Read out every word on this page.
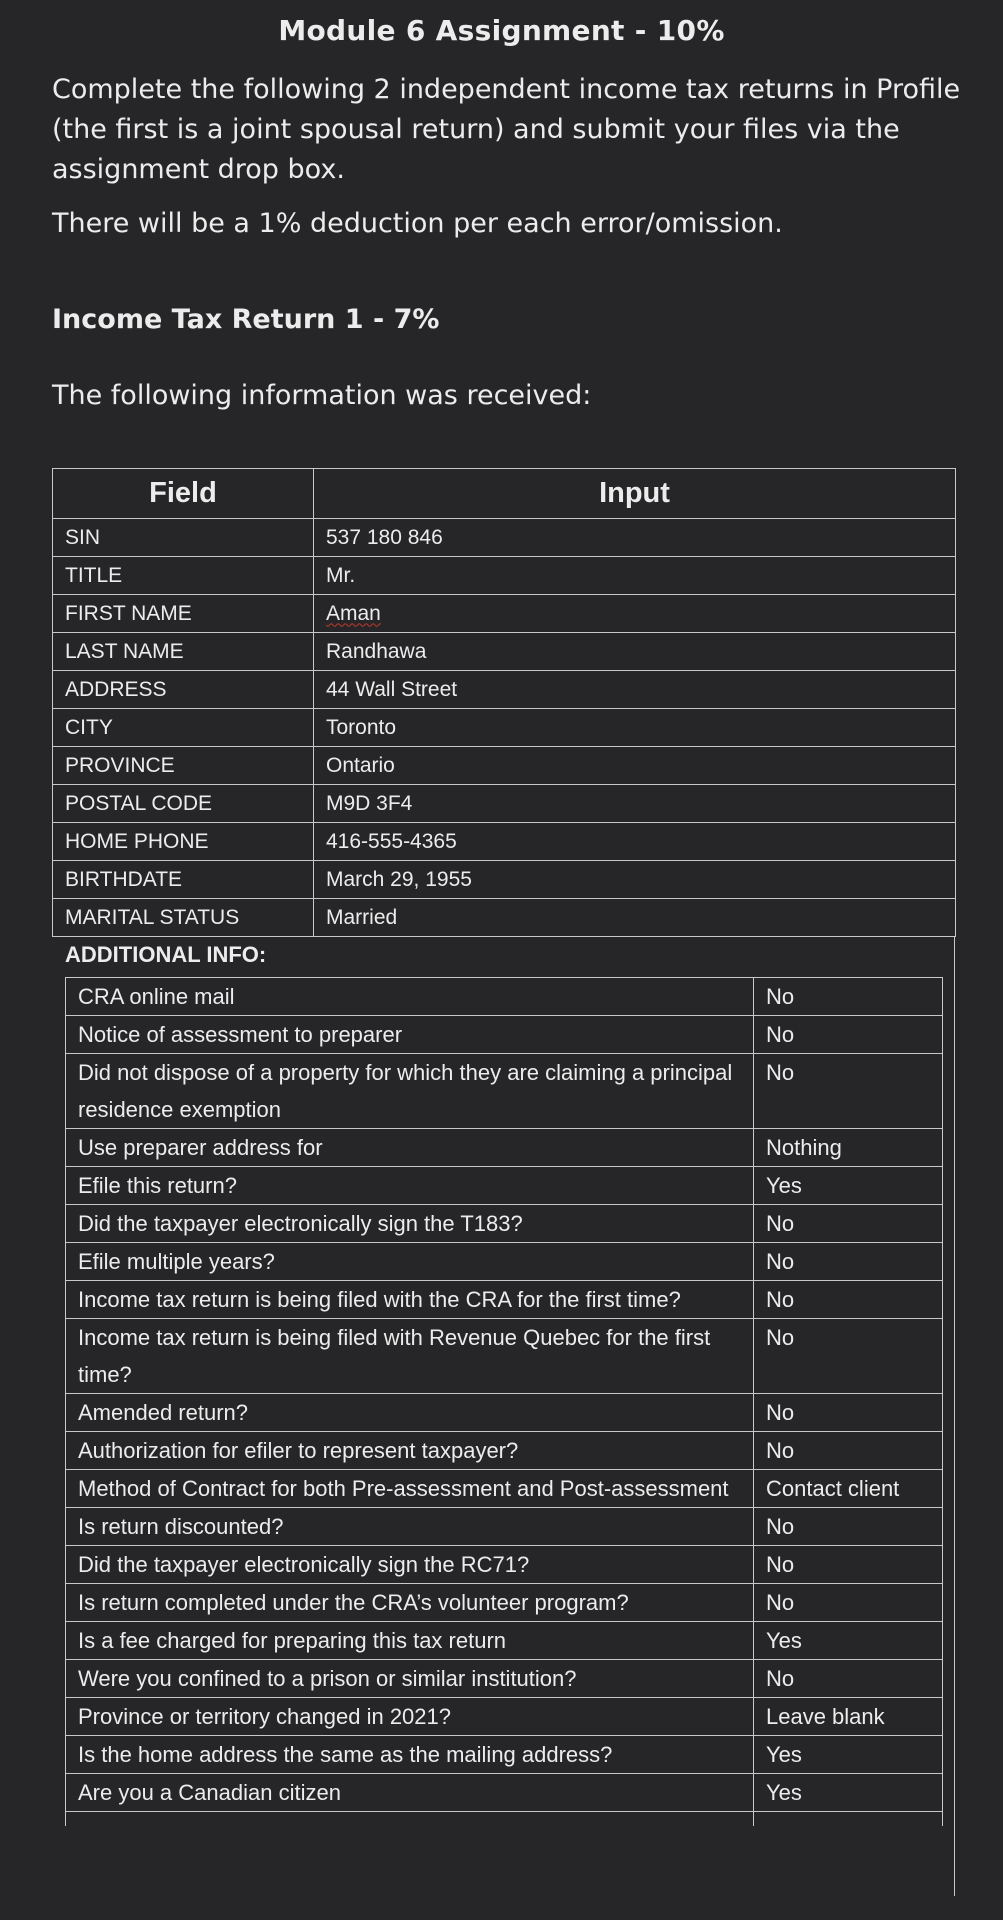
Module 6 Assignment - 10%

Complete the following 2 independent income tax returns in Profile (the first is a joint spousal return) and submit your files via the assignment drop box.

There will be a 1% deduction per each error/omission.

Income Tax Return 1 - 7%

The following information was received:

Field	Input
SIN	537 180 846
TITLE	Mr.
FIRST NAME	Aman
LAST NAME	Randhawa
ADDRESS	44 Wall Street
CITY	Toronto
PROVINCE	Ontario
POSTAL CODE	M9D 3F4
HOME PHONE	416-555-4365
BIRTHDATE	March 29, 1955
MARITAL STATUS	Married
ADDITIONAL INFO:
CRA online mail	No
Notice of assessment to preparer	No
Did not dispose of a property for which they are claiming a principal residence exemption	No
Use preparer address for	Nothing
Efile this return?	Yes
Did the taxpayer electronically sign the T183?	No
Efile multiple years?	No
Income tax return is being filed with the CRA for the first time?	No
Income tax return is being filed with Revenue Quebec for the first time?	No
Amended return?	No
Authorization for efiler to represent taxpayer?	No
Method of Contract for both Pre-assessment and Post-assessment	Contact client
Is return discounted?	No
Did the taxpayer electronically sign the RC71?	No
Is return completed under the CRA’s volunteer program?	No
Is a fee charged for preparing this tax return	Yes
Were you confined to a prison or similar institution?	No
Province or territory changed in 2021?	Leave blank
Is the home address the same as the mailing address?	Yes
Are you a Canadian citizen	Yes
